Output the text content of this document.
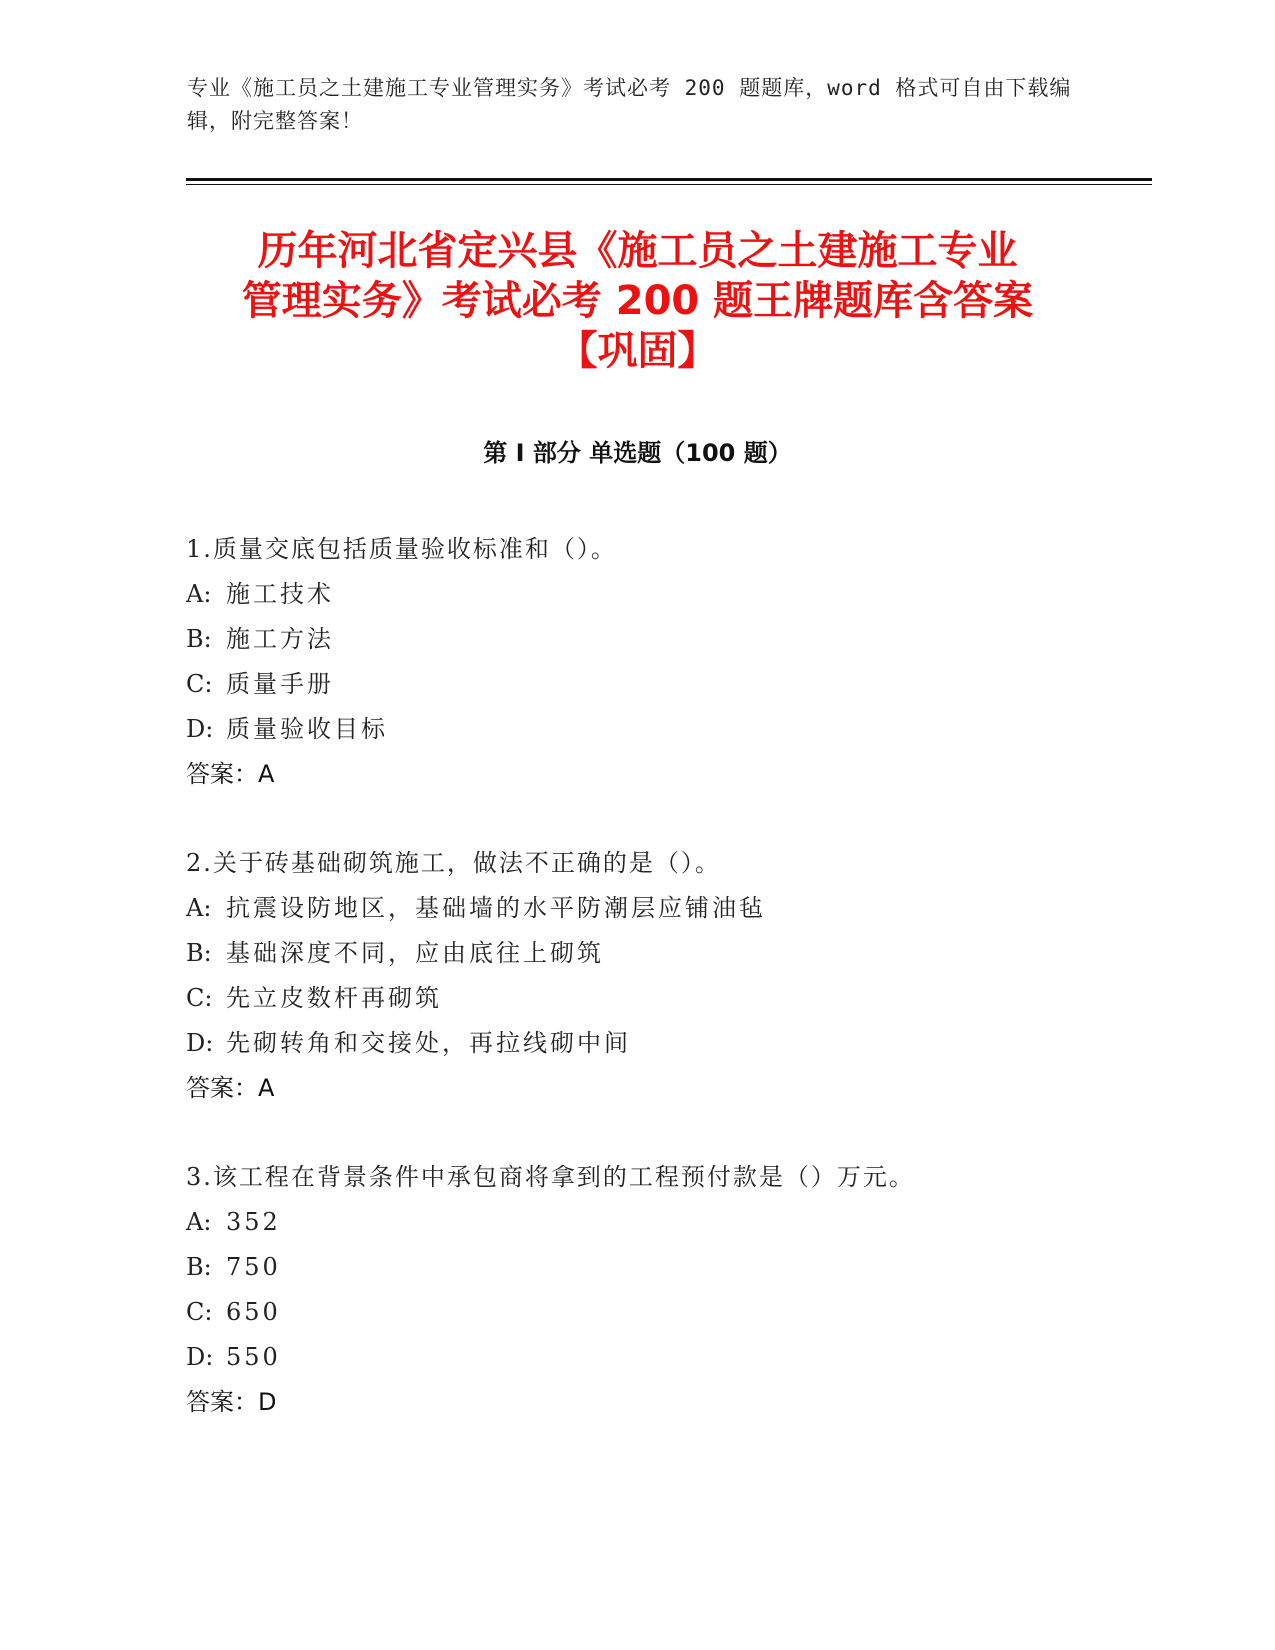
专业《施工员之土建施工专业管理实务》考试必考 200 题题库，word 格式可自由下载编辑，附完整答案！
历年河北省定兴县《施工员之土建施工专业
管理实务》考试必考 200 题王牌题库含答案
【巩固】
第 I 部分 单选题（100 题）
1.质量交底包括质量验收标准和（）。
A: 施工技术
B: 施工方法
C: 质量手册
D: 质量验收目标
答案：A
2.关于砖基础砌筑施工，做法不正确的是（）。
A: 抗震设防地区，基础墙的水平防潮层应铺油毡
B: 基础深度不同，应由底往上砌筑
C: 先立皮数杆再砌筑
D: 先砌转角和交接处，再拉线砌中间
答案：A
3.该工程在背景条件中承包商将拿到的工程预付款是（）万元。
A: 352
B: 750
C: 650
D: 550
答案：D
